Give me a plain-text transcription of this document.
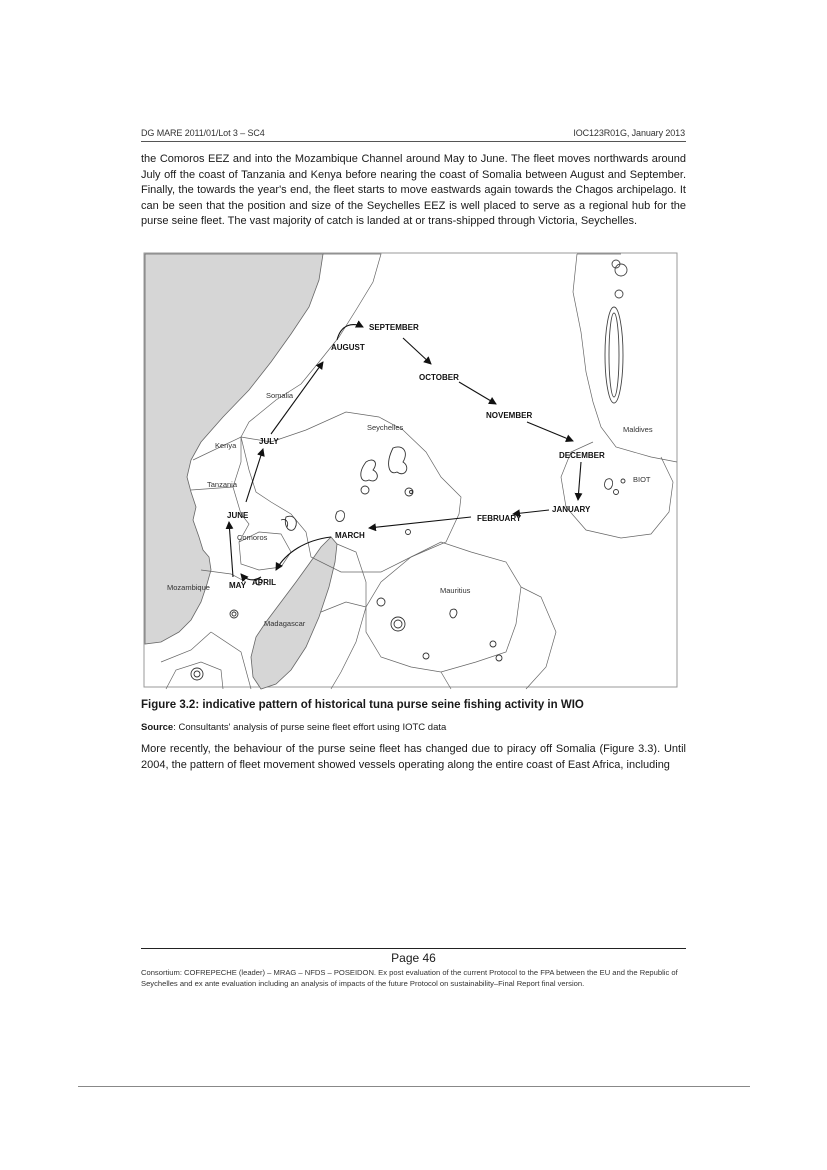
DG MARE 2011/01/Lot 3 – SC4	IOC123R01G, January 2013
the Comoros EEZ and into the Mozambique Channel around May to June. The fleet moves northwards around July off the coast of Tanzania and Kenya before nearing the coast of Somalia between August and September. Finally, the towards the year's end, the fleet starts to move eastwards again towards the Chagos archipelago. It can be seen that the position and size of the Seychelles EEZ is well placed to serve as a regional hub for the purse seine fleet. The vast majority of catch is landed at or trans-shipped through Victoria, Seychelles.
SEPTEMBER
AUGUST
OCTOBER
NOVEMBER
JULY
DECEMBER
JANUARY
JUNE	FEBRUARY
MARCH
MAY APRIL
Somalia
Kenya
Tanzania
Seychelles	Maldives
BIOT
Comoros
Mozambique
Madagascar
Mauritius
Figure 3.2: indicative pattern of historical tuna purse seine fishing activity in WIO
Source: Consultants' analysis of purse seine fleet effort using IOTC data
More recently, the behaviour of the purse seine fleet has changed due to piracy off Somalia (Figure 3.3). Until 2004, the pattern of fleet movement showed vessels operating along the entire coast of East Africa, including
Page 46
Consortium: COFREPECHE (leader) – MRAG – NFDS – POSEIDON. Ex post evaluation of the current Protocol to the FPA between the EU and the Republic of Seychelles and ex ante evaluation including an analysis of impacts of the future Protocol on sustainability–Final Report final version.
